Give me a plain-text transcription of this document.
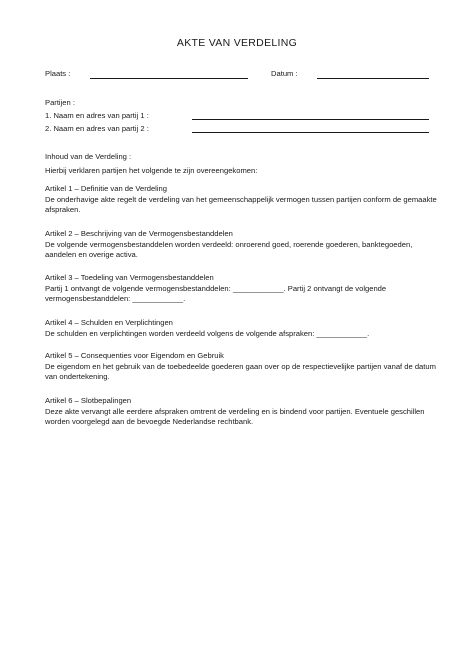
AKTE VAN VERDELING
Plaats :	Datum :
Partijen :
1. Naam en adres van partij 1 :
2. Naam en adres van partij 2 :
Inhoud van de Verdeling :
Hierbij verklaren partijen het volgende te zijn overeengekomen:
Artikel 1 – Definitie van de Verdeling
De onderhavige akte regelt de verdeling van het gemeenschappelijk vermogen tussen partijen conform de gemaakte afspraken.
Artikel 2 – Beschrijving van de Vermogensbestanddelen
De volgende vermogensbestanddelen worden verdeeld: onroerend goed, roerende goederen, banktegoeden, aandelen en overige activa.
Artikel 3 – Toedeling van Vermogensbestanddelen
Partij 1 ontvangt de volgende vermogensbestanddelen: ____________. Partij 2 ontvangt de volgende vermogensbestanddelen: ____________.
Artikel 4 – Schulden en Verplichtingen
De schulden en verplichtingen worden verdeeld volgens de volgende afspraken: ____________.
Artikel 5 – Consequenties voor Eigendom en Gebruik
De eigendom en het gebruik van de toebedeelde goederen gaan over op de respectievelijke partijen vanaf de datum van ondertekening.
Artikel 6 – Slotbepalingen
Deze akte vervangt alle eerdere afspraken omtrent de verdeling en is bindend voor partijen. Eventuele geschillen worden voorgelegd aan de bevoegde Nederlandse rechtbank.
